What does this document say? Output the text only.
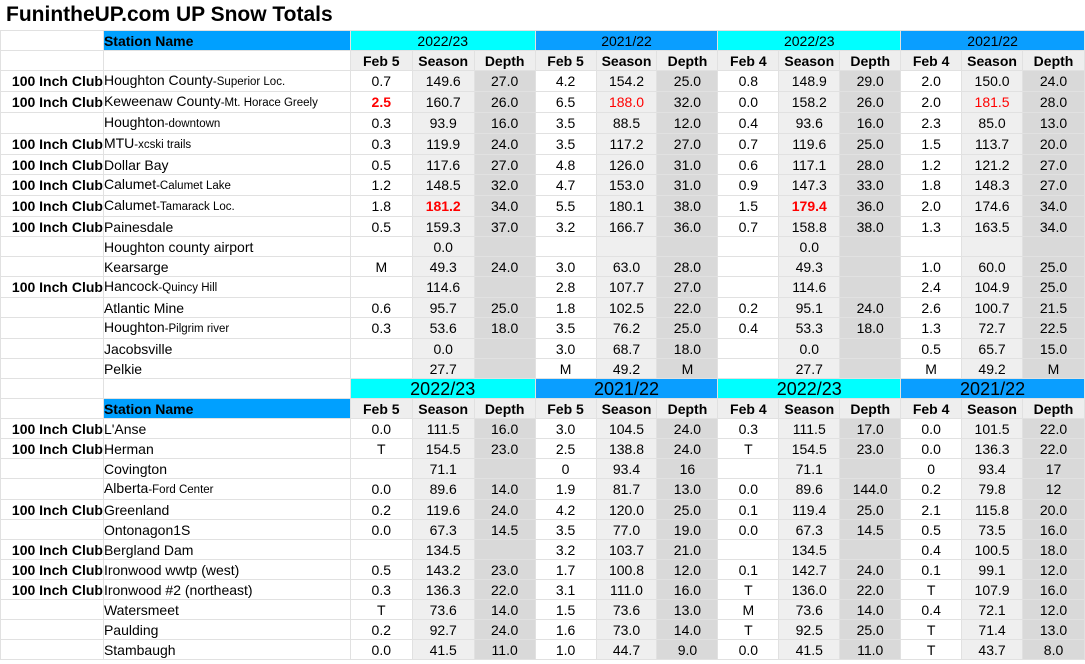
FunintheUP.com UP Snow Totals
	Station Name	2022/23			2021/22			2022/23			2021/22		
		Feb 5	Season	Depth	Feb 5	Season	Depth	Feb 4	Season	Depth	Feb 4	Season	Depth
100 Inch Club	Houghton County-Superior Loc.	0.7	149.6	27.0	4.2	154.2	25.0	0.8	148.9	29.0	2.0	150.0	24.0
100 Inch Club	Keweenaw County-Mt. Horace Greely	2.5	160.7	26.0	6.5	188.0	32.0	0.0	158.2	26.0	2.0	181.5	28.0
	Houghton-downtown	0.3	93.9	16.0	3.5	88.5	12.0	0.4	93.6	16.0	2.3	85.0	13.0
100 Inch Club	MTU-xcski trails	0.3	119.9	24.0	3.5	117.2	27.0	0.7	119.6	25.0	1.5	113.7	20.0
100 Inch Club	Dollar Bay	0.5	117.6	27.0	4.8	126.0	31.0	0.6	117.1	28.0	1.2	121.2	27.0
100 Inch Club	Calumet-Calumet Lake	1.2	148.5	32.0	4.7	153.0	31.0	0.9	147.3	33.0	1.8	148.3	27.0
100 Inch Club	Calumet-Tamarack Loc.	1.8	181.2	34.0	5.5	180.1	38.0	1.5	179.4	36.0	2.0	174.6	34.0
100 Inch Club	Painesdale	0.5	159.3	37.0	3.2	166.7	36.0	0.7	158.8	38.0	1.3	163.5	34.0
	Houghton county airport		0.0						0.0				
	Kearsarge	M	49.3	24.0	3.0	63.0	28.0		49.3		1.0	60.0	25.0
100 Inch Club	Hancock-Quincy Hill		114.6		2.8	107.7	27.0		114.6		2.4	104.9	25.0
	Atlantic Mine	0.6	95.7	25.0	1.8	102.5	22.0	0.2	95.1	24.0	2.6	100.7	21.5
	Houghton-Pilgrim river	0.3	53.6	18.0	3.5	76.2	25.0	0.4	53.3	18.0	1.3	72.7	22.5
	Jacobsville		0.0		3.0	68.7	18.0		0.0		0.5	65.7	15.0
	Pelkie		27.7		M	49.2	M		27.7		M	49.2	M
		2022/23			2021/22			2022/23			2021/22		
	Station Name	Feb 5	Season	Depth	Feb 5	Season	Depth	Feb 4	Season	Depth	Feb 4	Season	Depth
100 Inch Club	L'Anse	0.0	111.5	16.0	3.0	104.5	24.0	0.3	111.5	17.0	0.0	101.5	22.0
100 Inch Club	Herman	T	154.5	23.0	2.5	138.8	24.0	T	154.5	23.0	0.0	136.3	22.0
	Covington		71.1		0	93.4	16		71.1		0	93.4	17
	Alberta-Ford Center	0.0	89.6	14.0	1.9	81.7	13.0	0.0	89.6	144.0	0.2	79.8	12
100 Inch Club	Greenland	0.2	119.6	24.0	4.2	120.0	25.0	0.1	119.4	25.0	2.1	115.8	20.0
	Ontonagon1S	0.0	67.3	14.5	3.5	77.0	19.0	0.0	67.3	14.5	0.5	73.5	16.0
100 Inch Club	Bergland Dam		134.5		3.2	103.7	21.0		134.5		0.4	100.5	18.0
100 Inch Club	Ironwood wwtp (west)	0.5	143.2	23.0	1.7	100.8	12.0	0.1	142.7	24.0	0.1	99.1	12.0
100 Inch Club	Ironwood #2 (northeast)	0.3	136.3	22.0	3.1	111.0	16.0	T	136.0	22.0	T	107.9	16.0
	Watersmeet	T	73.6	14.0	1.5	73.6	13.0	M	73.6	14.0	0.4	72.1	12.0
	Paulding	0.2	92.7	24.0	1.6	73.0	14.0	T	92.5	25.0	T	71.4	13.0
	Stambaugh	0.0	41.5	11.0	1.0	44.7	9.0	0.0	41.5	11.0	T	43.7	8.0
